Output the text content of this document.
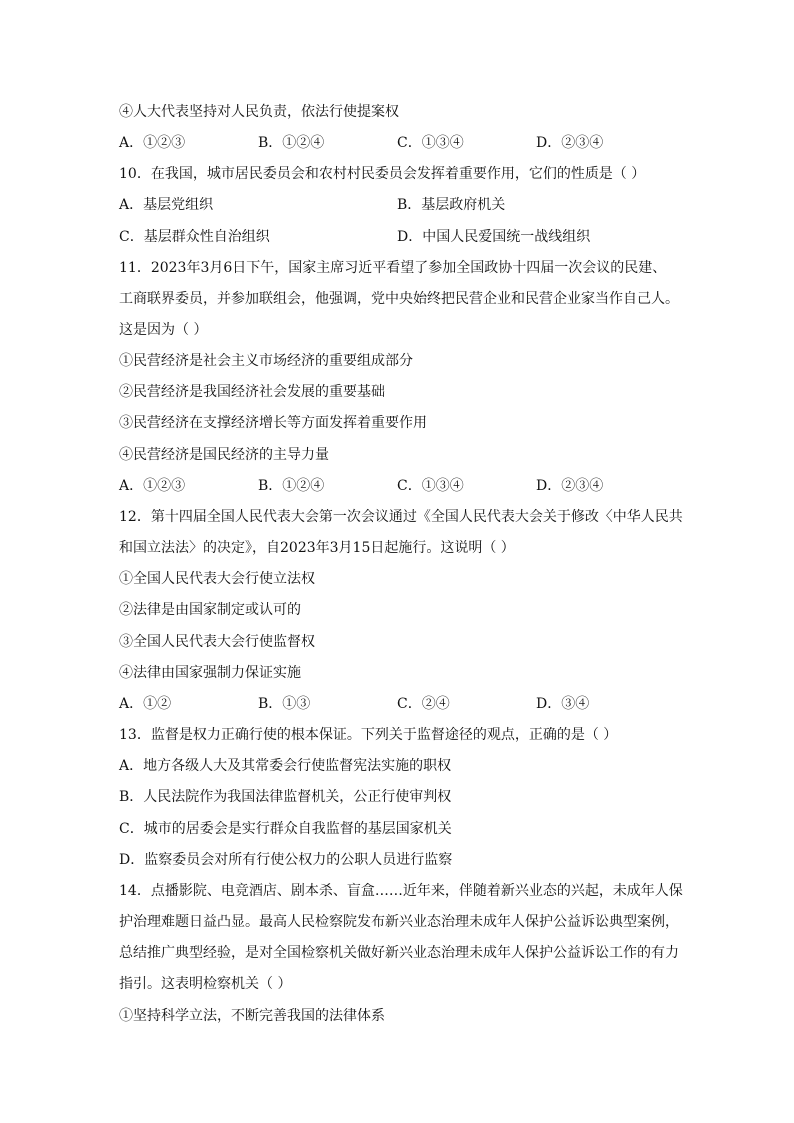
④人大代表坚持对人民负责，依法行使提案权
A．①②③	B．①②④	C．①③④	D．②③④
10．在我国，城市居民委员会和农村村民委员会发挥着重要作用，它们的性质是（ ）
A．基层党组织	B．基层政府机关
C．基层群众性自治组织	D．中国人民爱国统一战线组织
11．2023年3月6日下午，国家主席习近平看望了参加全国政协十四届一次会议的民建、
工商联界委员，并参加联组会，他强调，党中央始终把民营企业和民营企业家当作自己人。
这是因为（ ）
①民营经济是社会主义市场经济的重要组成部分
②民营经济是我国经济社会发展的重要基础
③民营经济在支撑经济增长等方面发挥着重要作用
④民营经济是国民经济的主导力量
A．①②③	B．①②④	C．①③④	D．②③④
12．第十四届全国人民代表大会第一次会议通过《全国人民代表大会关于修改〈中华人民共
和国立法法〉的决定》，自2023年3月15日起施行。这说明（ ）
①全国人民代表大会行使立法权
②法律是由国家制定或认可的
③全国人民代表大会行使监督权
④法律由国家强制力保证实施
A．①②	B．①③	C．②④	D．③④
13．监督是权力正确行使的根本保证。下列关于监督途径的观点，正确的是（ ）
A．地方各级人大及其常委会行使监督宪法实施的职权
B．人民法院作为我国法律监督机关，公正行使审判权
C．城市的居委会是实行群众自我监督的基层国家机关
D．监察委员会对所有行使公权力的公职人员进行监察
14．点播影院、电竞酒店、剧本杀、盲盒……近年来，伴随着新兴业态的兴起，未成年人保
护治理难题日益凸显。最高人民检察院发布新兴业态治理未成年人保护公益诉讼典型案例，
总结推广典型经验，是对全国检察机关做好新兴业态治理未成年人保护公益诉讼工作的有力
指引。这表明检察机关（ ）
①坚持科学立法，不断完善我国的法律体系
